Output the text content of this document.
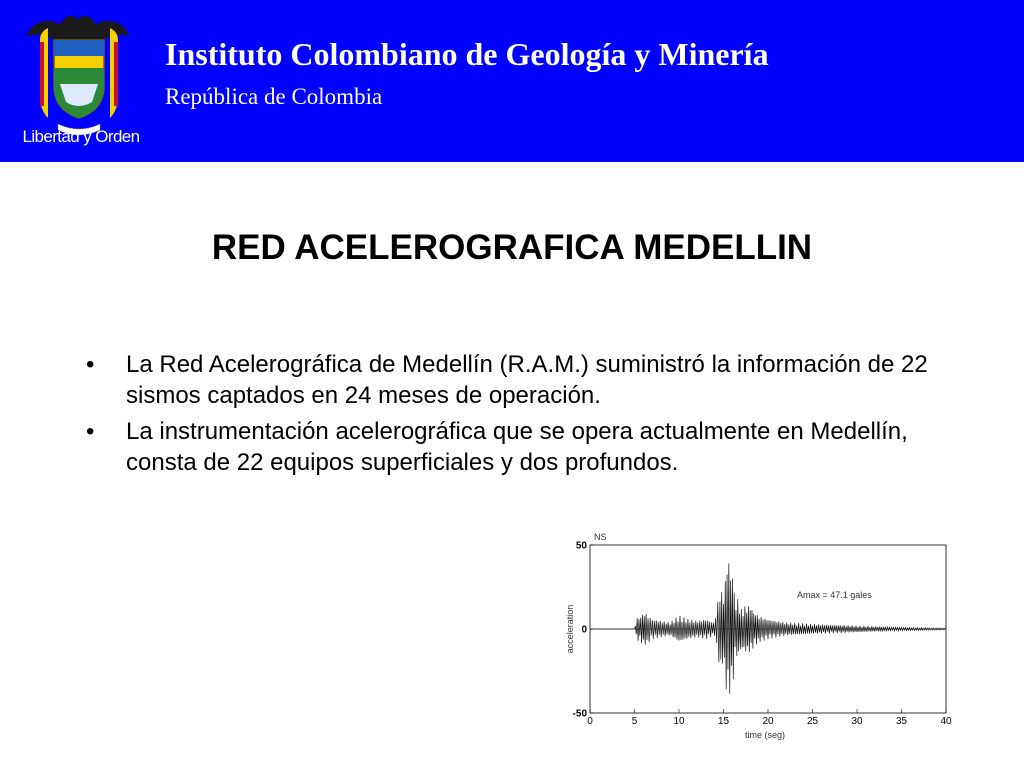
Libertad y Orden
Instituto Colombiano de Geología y Minería
República de Colombia
RED ACELEROGRAFICA MEDELLIN
• La Red Acelerográfica de Medellín (R.A.M.) suministró la información de 22 sismos captados en 24 meses de operación.
• La instrumentación acelerográfica que se opera actualmente en Medellín, consta de 22 equipos superficiales y dos profundos.
NS
Amax = 47.1 gales
time (seg)
acceleration
0	5	10	15	20	25	30	35	40
50
0
-50
